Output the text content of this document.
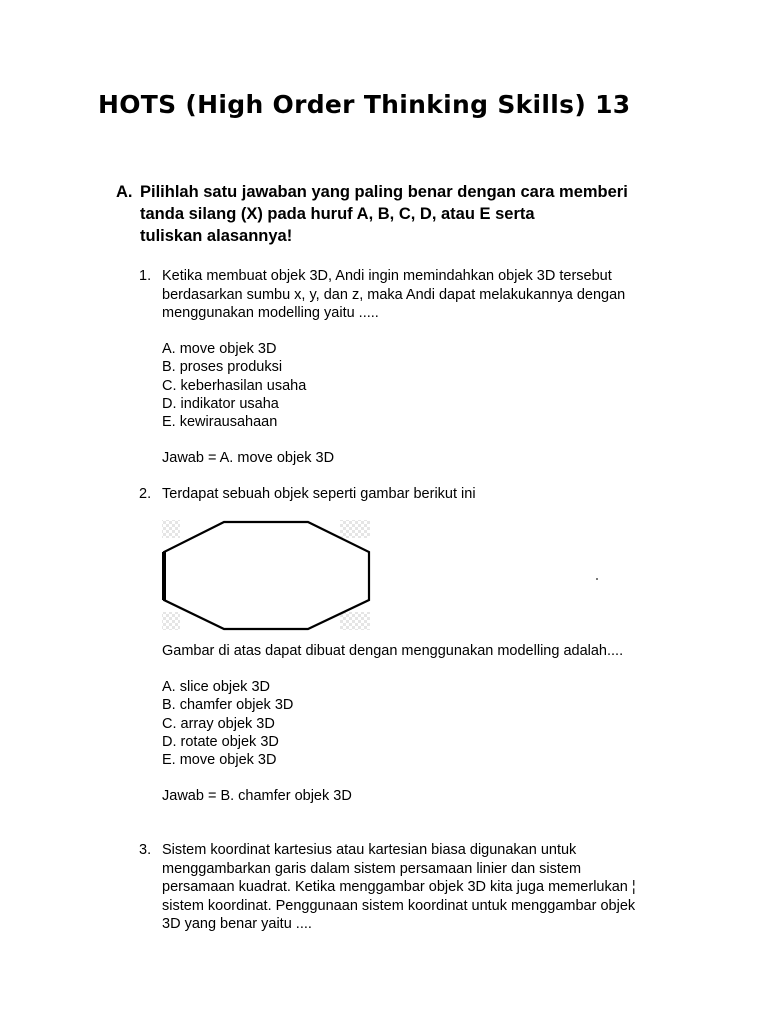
HOTS (High Order Thinking Skills) 13
A. Pilihlah satu jawaban yang paling benar dengan cara memberi
tanda silang (X) pada huruf A, B, C, D, atau E serta
tuliskan alasannya!
1. Ketika membuat objek 3D, Andi ingin memindahkan objek 3D tersebut
berdasarkan sumbu x, y, dan z, maka Andi dapat melakukannya dengan
menggunakan modelling yaitu .....
A. move objek 3D
B. proses produksi
C. keberhasilan usaha
D. indikator usaha
E. kewirausahaan
Jawab = A. move objek 3D
2. Terdapat sebuah objek seperti gambar berikut ini
Gambar di atas dapat dibuat dengan menggunakan modelling adalah....
A. slice objek 3D
B. chamfer objek 3D
C. array objek 3D
D. rotate objek 3D
E. move objek 3D
Jawab = B. chamfer objek 3D
3. Sistem koordinat kartesius atau kartesian biasa digunakan untuk
menggambarkan garis dalam sistem persamaan linier dan sistem
persamaan kuadrat. Ketika menggambar objek 3D kita juga memerlukan ¦
sistem koordinat. Penggunaan sistem koordinat untuk menggambar objek
3D yang benar yaitu ....
